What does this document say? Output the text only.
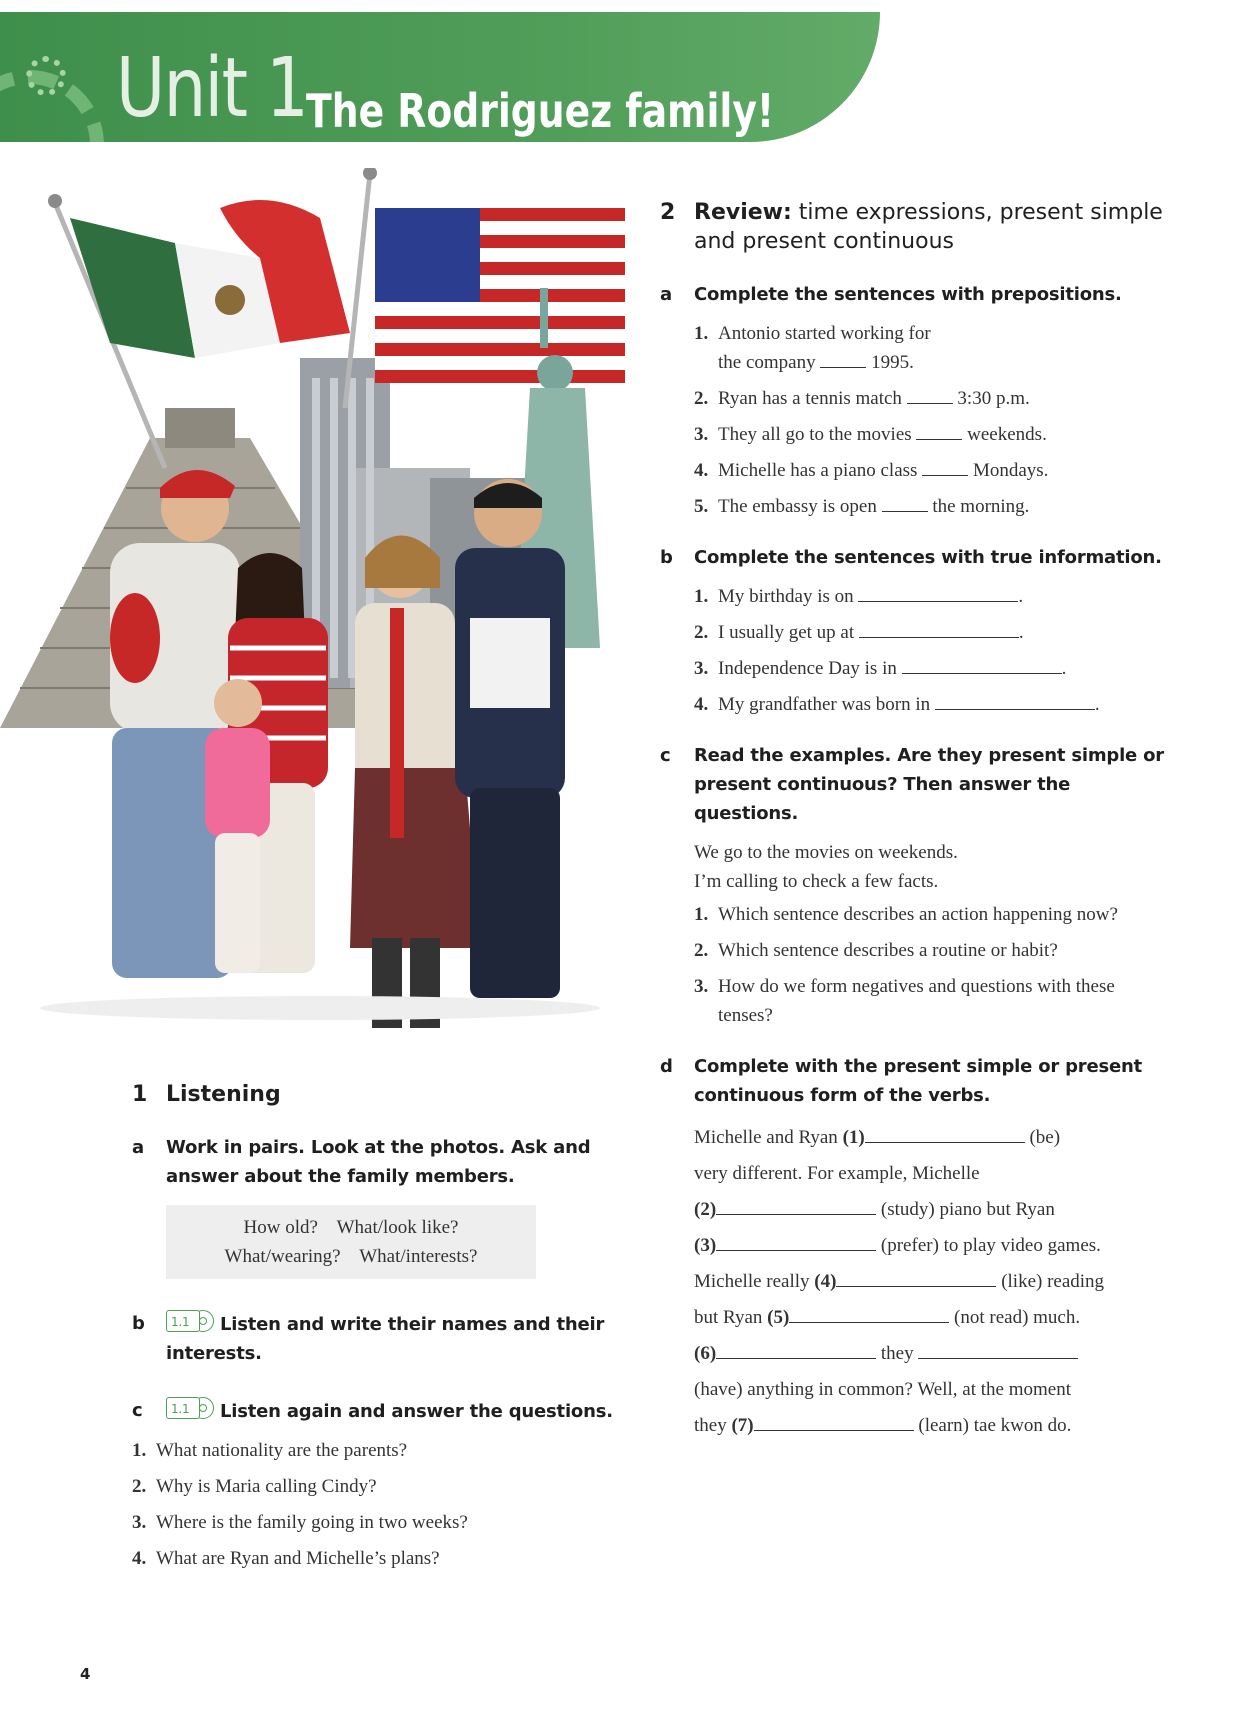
Unit 1
The Rodriguez family!
1 Listening
a Work in pairs. Look at the photos. Ask and answer about the family members.
How old?    What/look like?
What/wearing?    What/interests?
b	1.1	Listen and write their names and their interests.
c	1.1	Listen again and answer the questions.
1. What nationality are the parents?
2. Why is Maria calling Cindy?
3. Where is the family going in two weeks?
4. What are Ryan and Michelle’s plans?
2 Review: time expressions, present simple and present continuous
a Complete the sentences with prepositions.
1. Antonio started working for
the company	1995.
2. Ryan has a tennis match	3:30 p.m.
3. They all go to the movies	weekends.
4. Michelle has a piano class	Mondays.
5. The embassy is open	the morning.
b Complete the sentences with true information.
1. My birthday is on	.
2. I usually get up at	.
3. Independence Day is in	.
4. My grandfather was born in	.
c Read the examples. Are they present simple or present continuous? Then answer the questions.
We go to the movies on weekends.
I’m calling to check a few facts.
1. Which sentence describes an action happening now?
2. Which sentence describes a routine or habit?
3. How do we form negatives and questions with these tenses?
d Complete with the present simple or present continuous form of the verbs.
Michelle and Ryan (1)	(be)
very different. For example, Michelle
(2)	(study) piano but Ryan
(3)	(prefer) to play video games.
Michelle really (4)	(like) reading
but Ryan (5)	(not read) much.
(6)	they
(have) anything in common? Well, at the moment
they (7)	(learn) tae kwon do.
4
